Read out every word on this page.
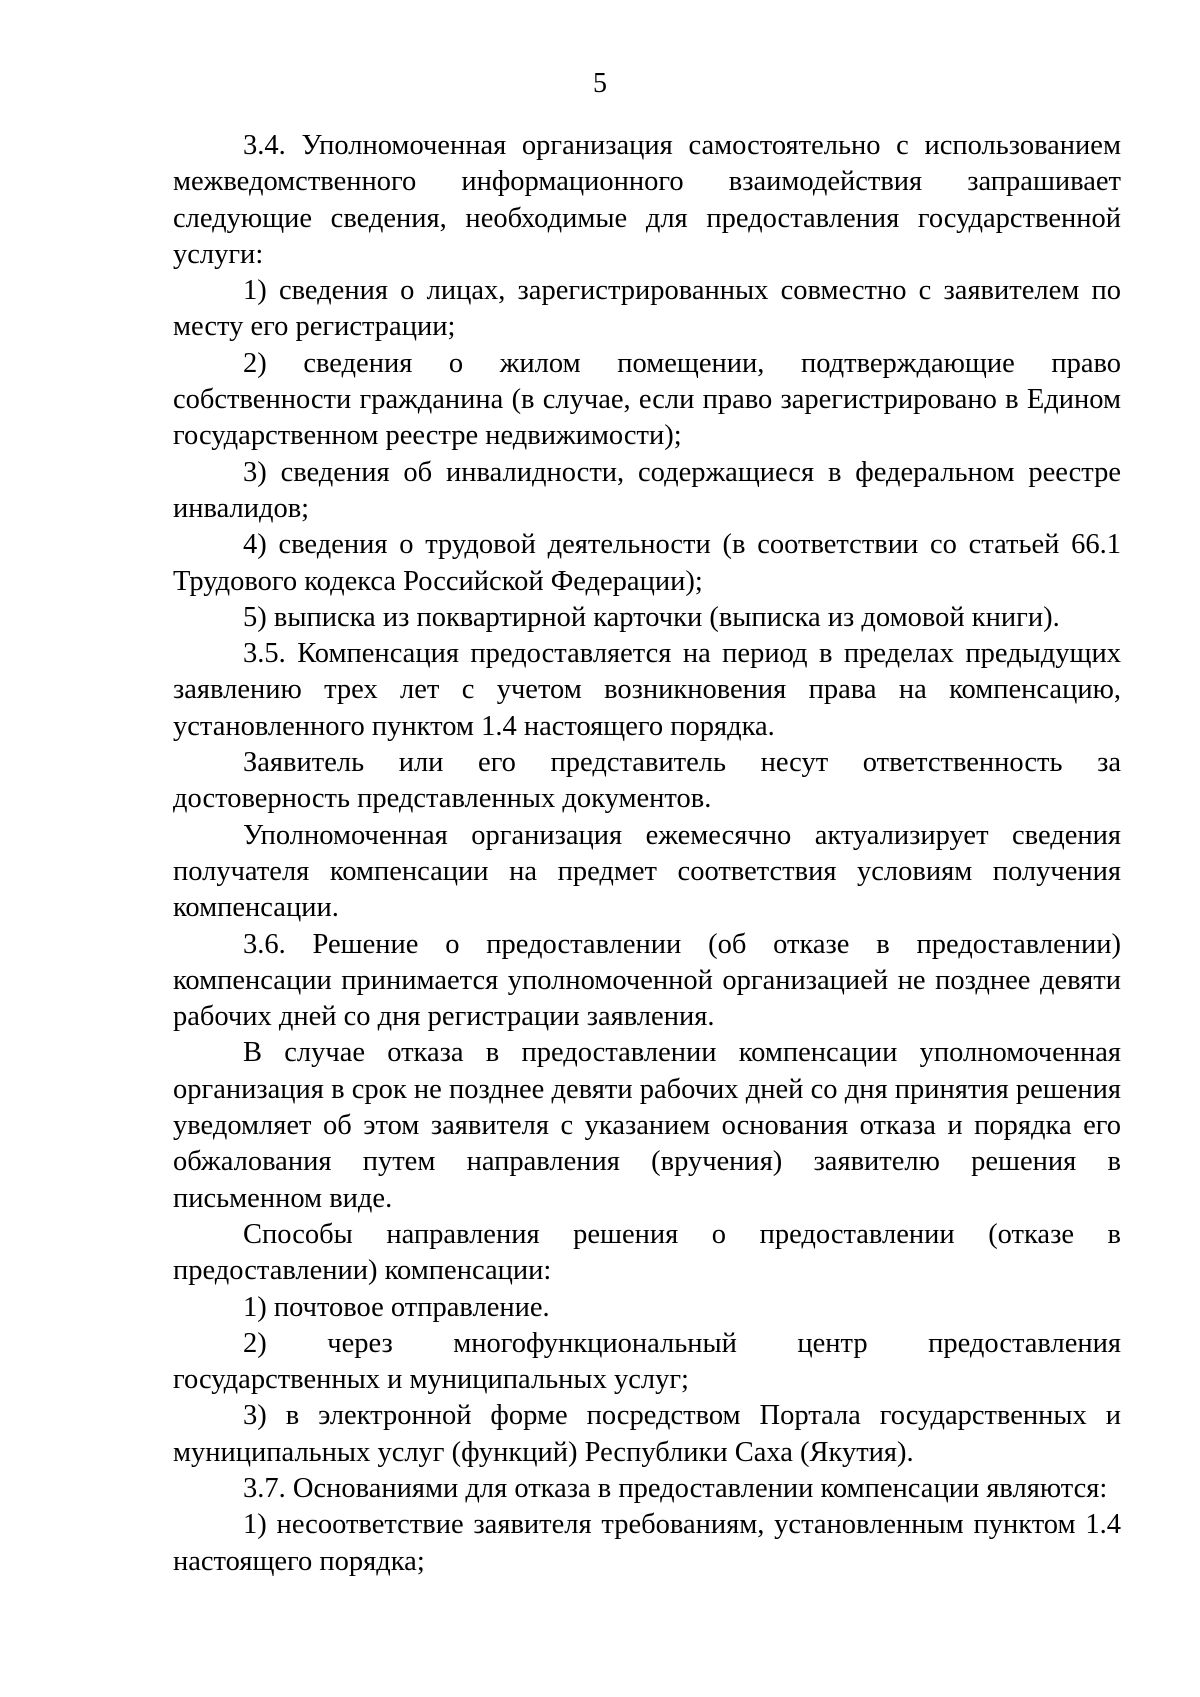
5

3.4. Уполномоченная организация самостоятельно с использованием межведомственного информационного взаимодействия запрашивает следующие сведения, необходимые для предоставления государственной услуги:

1) сведения о лицах, зарегистрированных совместно с заявителем по месту его регистрации;

2) сведения о жилом помещении, подтверждающие право собственности гражданина (в случае, если право зарегистрировано в Едином государственном реестре недвижимости);

3) сведения об инвалидности, содержащиеся в федеральном реестре инвалидов;

4) сведения о трудовой деятельности (в соответствии со статьей 66.1 Трудового кодекса Российской Федерации);

5) выписка из поквартирной карточки (выписка из домовой книги).

3.5. Компенсация предоставляется на период в пределах предыдущих заявлению трех лет с учетом возникновения права на компенсацию, установленного пунктом 1.4 настоящего порядка.

Заявитель или его представитель несут ответственность за достоверность представленных документов.

Уполномоченная организация ежемесячно актуализирует сведения получателя компенсации на предмет соответствия условиям получения компенсации.

3.6. Решение о предоставлении (об отказе в предоставлении) компенсации принимается уполномоченной организацией не позднее девяти рабочих дней со дня регистрации заявления.

В случае отказа в предоставлении компенсации уполномоченная организация в срок не позднее девяти рабочих дней со дня принятия решения уведомляет об этом заявителя с указанием основания отказа и порядка его обжалования путем направления (вручения) заявителю решения в письменном виде.

Способы направления решения о предоставлении (отказе в предоставлении) компенсации:

1) почтовое отправление.

2) через многофункциональный центр предоставления государственных и муниципальных услуг;

3) в электронной форме посредством Портала государственных и муниципальных услуг (функций) Республики Саха (Якутия).

3.7. Основаниями для отказа в предоставлении компенсации являются:

1) несоответствие заявителя требованиям, установленным пунктом 1.4 настоящего порядка;
